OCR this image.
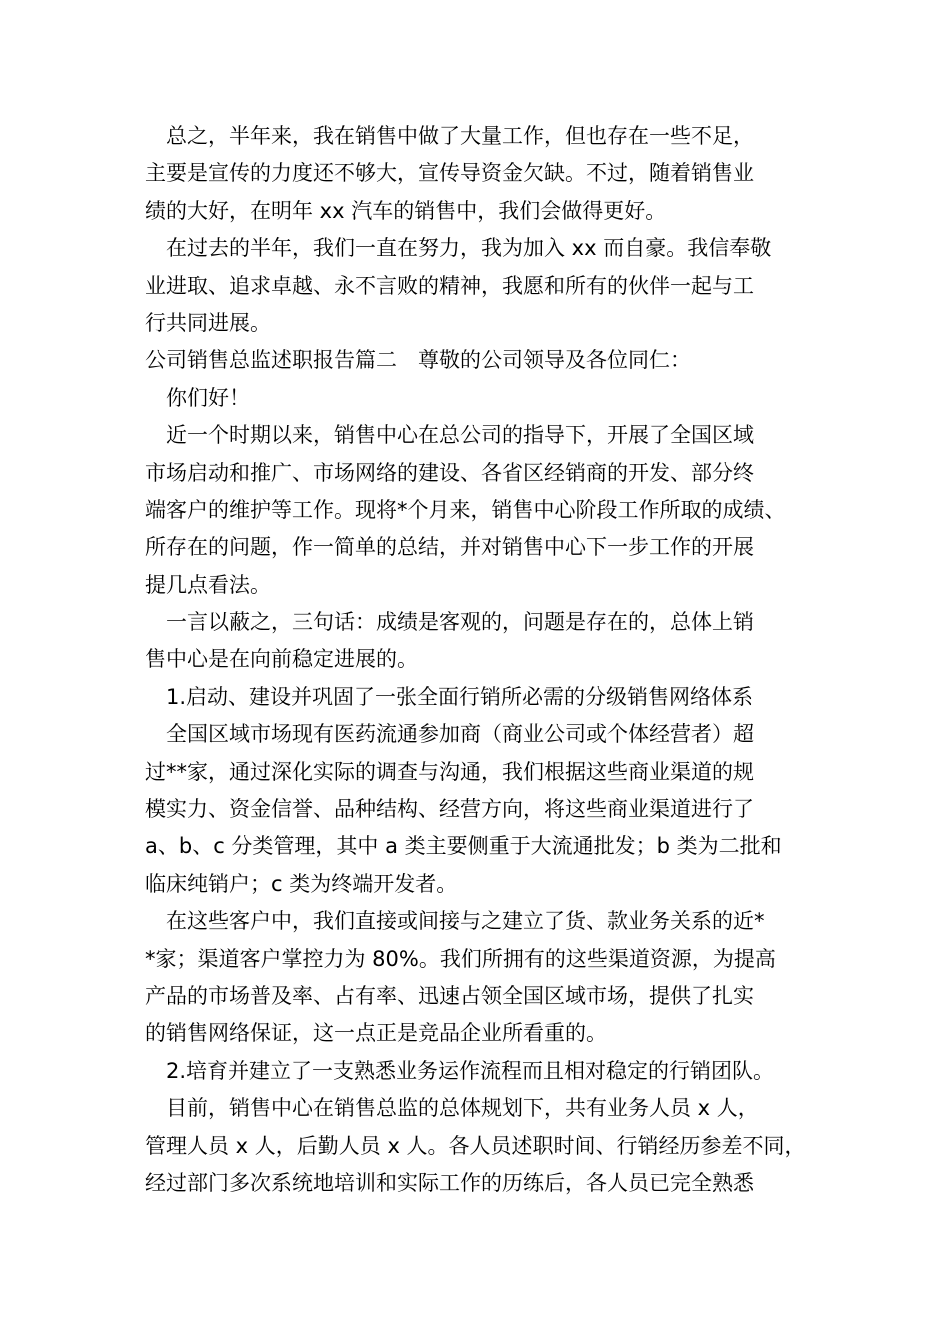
　总之，半年来，我在销售中做了大量工作，但也存在一些不足，
主要是宣传的力度还不够大，宣传导资金欠缺。不过，随着销售业
绩的大好，在明年 xx 汽车的销售中，我们会做得更好。
　在过去的半年，我们一直在努力，我为加入 xx 而自豪。我信奉敬
业进取、追求卓越、永不言败的精神，我愿和所有的伙伴一起与工
行共同进展。
公司销售总监述职报告篇二　尊敬的公司领导及各位同仁：
　你们好！
　近一个时期以来，销售中心在总公司的指导下，开展了全国区域
市场启动和推广、市场网络的建设、各省区经销商的开发、部分终
端客户的维护等工作。现将*个月来，销售中心阶段工作所取的成绩、
所存在的问题，作一简单的总结，并对销售中心下一步工作的开展
提几点看法。
　一言以蔽之，三句话：成绩是客观的，问题是存在的，总体上销
售中心是在向前稳定进展的。
　1.启动、建设并巩固了一张全面行销所必需的分级销售网络体系
　全国区域市场现有医药流通参加商（商业公司或个体经营者）超
过**家，通过深化实际的调查与沟通，我们根据这些商业渠道的规
模实力、资金信誉、品种结构、经营方向，将这些商业渠道进行了
a、b、c 分类管理，其中 a 类主要侧重于大流通批发；b 类为二批和
临床纯销户；c 类为终端开发者。
　在这些客户中，我们直接或间接与之建立了货、款业务关系的近*
*家；渠道客户掌控力为 80%。我们所拥有的这些渠道资源，为提高
产品的市场普及率、占有率、迅速占领全国区域市场，提供了扎实
的销售网络保证，这一点正是竞品企业所看重的。
　2.培育并建立了一支熟悉业务运作流程而且相对稳定的行销团队。
　目前，销售中心在销售总监的总体规划下，共有业务人员 x 人，
管理人员 x 人，后勤人员 x 人。各人员述职时间、行销经历参差不同，
经过部门多次系统地培训和实际工作的历练后，各人员已完全熟悉
